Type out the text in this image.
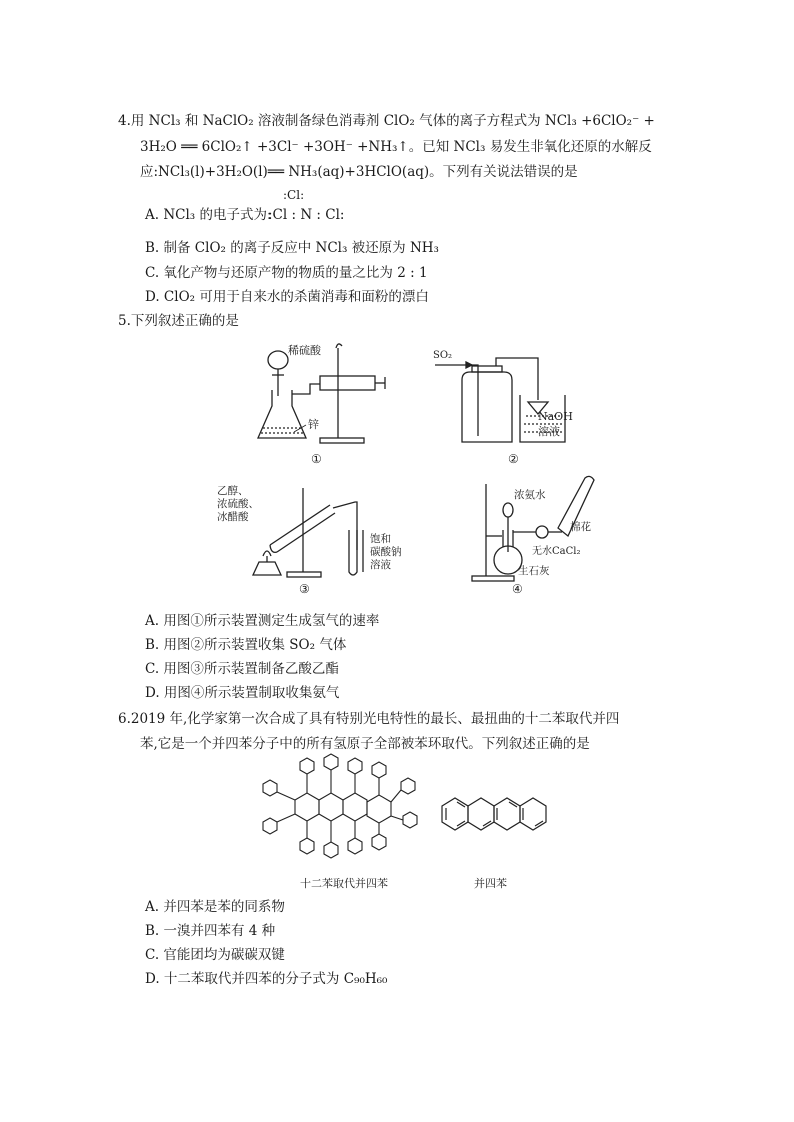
4.用 NCl₃ 和 NaClO₂ 溶液制备绿色消毒剂 ClO₂ 气体的离子方程式为 NCl₃ +6ClO₂⁻ +
3H₂O ══ 6ClO₂↑ +3Cl⁻ +3OH⁻ +NH₃↑。已知 NCl₃ 易发生非氧化还原的水解反
应:NCl₃(l)+3H₂O(l)══ NH₃(aq)+3HClO(aq)。下列有关说法错误的是
A. NCl₃ 的电子式为:
:Cl:
:Cl : N : Cl:
B. 制备 ClO₂ 的离子反应中 NCl₃ 被还原为 NH₃
C. 氧化产物与还原产物的物质的量之比为 2 : 1
D. ClO₂ 可用于自来水的杀菌消毒和面粉的漂白
5.下列叙述正确的是
稀硫酸
锌
①
SO₂
NaOH
溶液
②
乙醇、
浓硫酸、
冰醋酸
饱和
碳酸钠
溶液
③
浓氨水
棉花
无水CaCl₂
生石灰
④
A. 用图①所示装置测定生成氢气的速率
B. 用图②所示装置收集 SO₂ 气体
C. 用图③所示装置制备乙酸乙酯
D. 用图④所示装置制取收集氨气
6.2019 年,化学家第一次合成了具有特别光电特性的最长、最扭曲的十二苯取代并四
苯,它是一个并四苯分子中的所有氢原子全部被苯环取代。下列叙述正确的是
十二苯取代并四苯	并四苯
A. 并四苯是苯的同系物
B. 一溴并四苯有 4 种
C. 官能团均为碳碳双键
D. 十二苯取代并四苯的分子式为 C₉₀H₆₀
